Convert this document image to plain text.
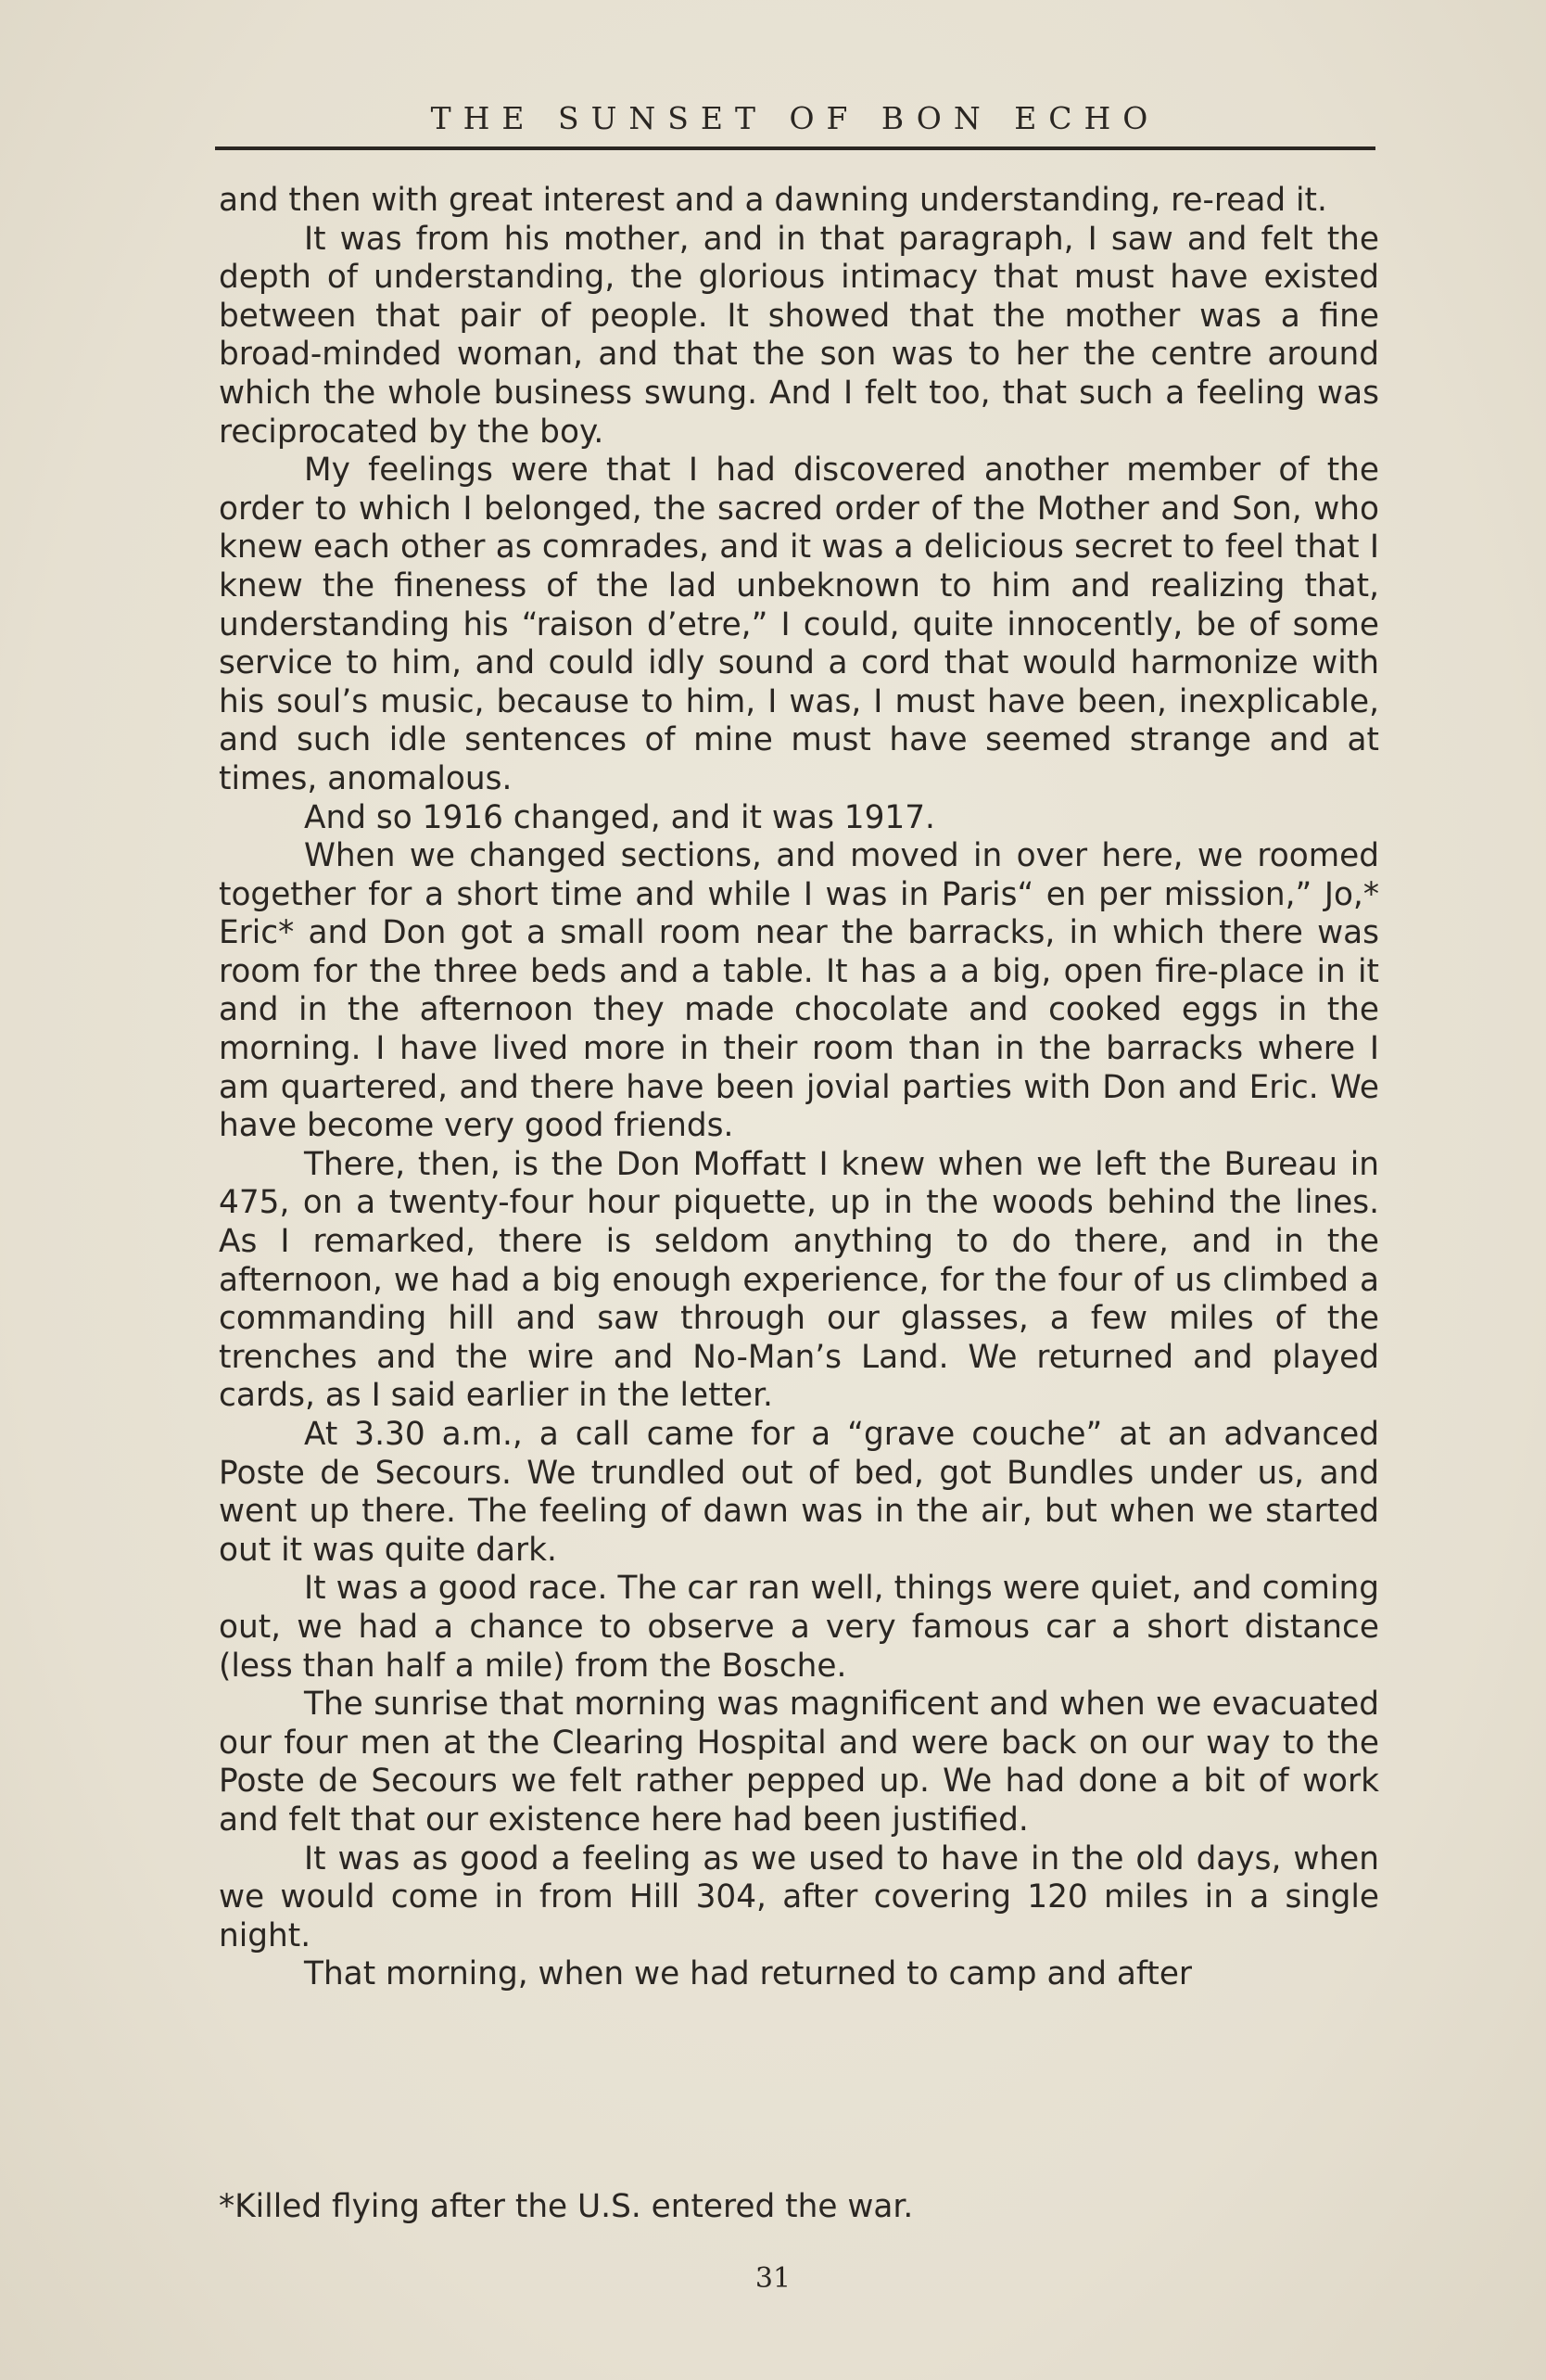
THE SUNSET OF BON ECHO

and then with great interest and a dawning understanding, re-read it.

It was from his mother, and in that paragraph, I saw and felt the depth of understanding, the glorious intimacy that must have existed between that pair of people. It showed that the mother was a fine broad-minded woman, and that the son was to her the centre around which the whole business swung. And I felt too, that such a feeling was reciprocated by the boy.

My feelings were that I had discovered another member of the order to which I belonged, the sacred order of the Mother and Son, who knew each other as comrades, and it was a delicious secret to feel that I knew the fineness of the lad unbeknown to him and realizing that, understanding his “raison d’etre,” I could, quite innocently, be of some service to him, and could idly sound a cord that would harmonize with his soul’s music, because to him, I was, I must have been, inexplicable, and such idle sentences of mine must have seemed strange and at times, anomalous.

And so 1916 changed, and it was 1917.

When we changed sections, and moved in over here, we roomed together for a short time and while I was in Paris“ en per mission,” Jo,* Eric* and Don got a small room near the barracks, in which there was room for the three beds and a table. It has a a big, open fire-place in it and in the afternoon they made chocolate and cooked eggs in the morning. I have lived more in their room than in the barracks where I am quartered, and there have been jovial parties with Don and Eric. We have become very good friends.

There, then, is the Don Moffatt I knew when we left the Bureau in 475, on a twenty-four hour piquette, up in the woods behind the lines. As I remarked, there is seldom anything to do there, and in the afternoon, we had a big enough experience, for the four of us climbed a commanding hill and saw through our glasses, a few miles of the trenches and the wire and No-Man’s Land. We returned and played cards, as I said earlier in the letter.

At 3.30 a.m., a call came for a “grave couche” at an advanced Poste de Secours. We trundled out of bed, got Bundles under us, and went up there. The feeling of dawn was in the air, but when we started out it was quite dark.

It was a good race. The car ran well, things were quiet, and coming out, we had a chance to observe a very famous car a short distance (less than half a mile) from the Bosche.

The sunrise that morning was magnificent and when we evacuated our four men at the Clearing Hospital and were back on our way to the Poste de Secours we felt rather pepped up. We had done a bit of work and felt that our existence here had been justified.

It was as good a feeling as we used to have in the old days, when we would come in from Hill 304, after covering 120 miles in a single night.

That morning, when we had returned to camp and after

*Killed flying after the U.S. entered the war.
31
